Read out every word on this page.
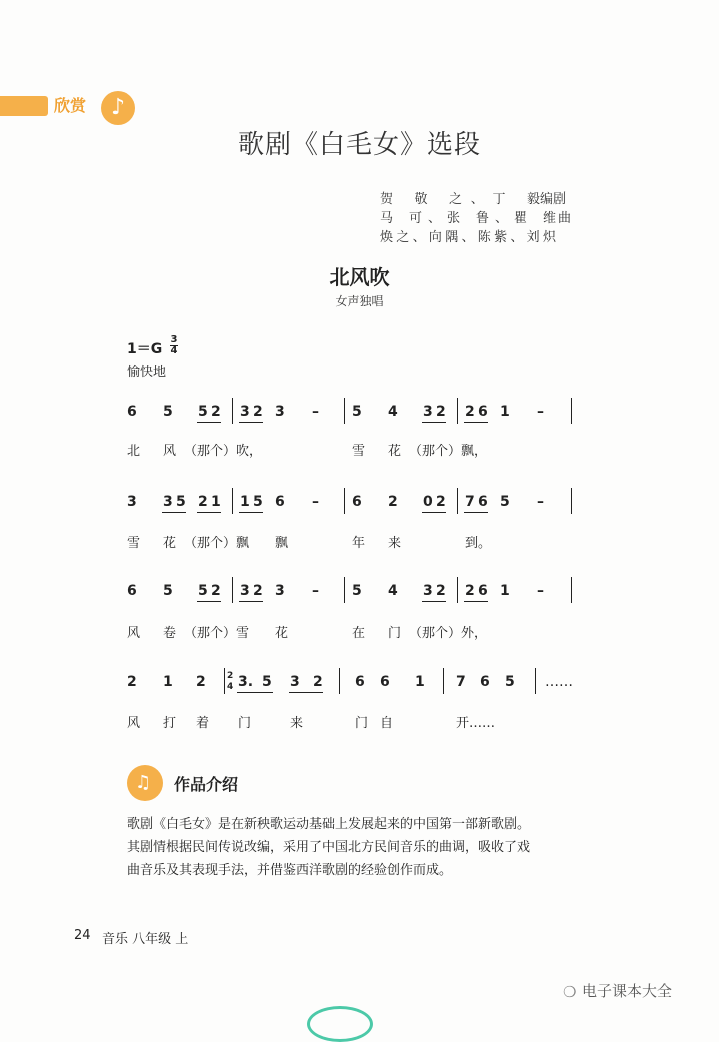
欣赏	♪
歌剧《白毛女》选段
贺 敬 之、丁 毅 编剧
马 可、张 鲁、瞿 维 曲
焕之、向隅、陈紫、刘炽
北风吹
女声独唱
1＝G
3
4
愉快地
6 5 5 2 3 2 3 – 5 4 3 2 2 6 1 –
北 风 （那个）吹，	雪 花 （那个）飘，
3 3 5 2 1 1 5 6 – 6 2 0 2 7 6 5 –
雪 花 （那个）飘 飘	年 来	到。
6 5 5 2 3 2 3 – 5 4 3 2 2 6 1 –
风 卷 （那个）雪 花	在 门 （那个）外，
2 1 2 2
4 3. 5 3 2 6 6 1 7 6 5 ……
风 打 着 门	来	门 自	开……
♫ 作品介绍

歌剧《白毛女》是在新秧歌运动基础上发展起来的中国第一部新歌剧。

其剧情根据民间传说改编，采用了中国北方民间音乐的曲调，吸收了戏

曲音乐及其表现手法，并借鉴西洋歌剧的经验创作而成。

24 音乐 八年级 上
❍ 电子课本大全
